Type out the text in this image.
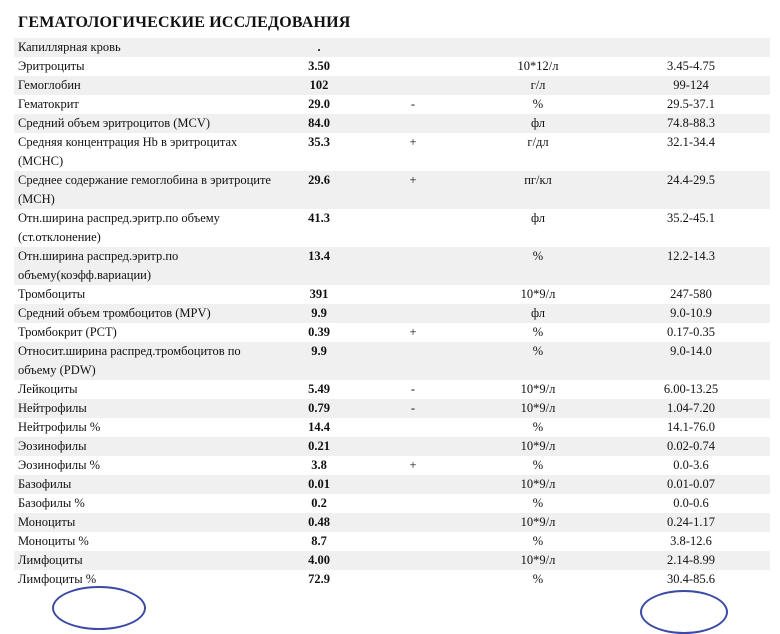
ГЕМАТОЛОГИЧЕСКИЕ ИССЛЕДОВАНИЯ
Капиллярная кровь	.			
Эритроциты	3.50		10*12/л	3.45-4.75
Гемоглобин	102		г/л	99-124
Гематокрит	29.0	-	%	29.5-37.1
Средний объем эритроцитов (MCV)	84.0		фл	74.8-88.3
Средняя концентрация Hb в эритроцитах (MCHC)	35.3	+	г/дл	32.1-34.4
Среднее содержание гемоглобина в эритроците (MCH)	29.6	+	пг/кл	24.4-29.5
Отн.ширина распред.эритр.по объему (ст.отклонение)	41.3		фл	35.2-45.1
Отн.ширина распред.эритр.по объему(коэфф.вариации)	13.4		%	12.2-14.3
Тромбоциты	391		10*9/л	247-580
Средний объем тромбоцитов (MPV)	9.9		фл	9.0-10.9
Тромбокрит (PCT)	0.39	+	%	0.17-0.35
Относит.ширина распред.тромбоцитов по объему (PDW)	9.9		%	9.0-14.0
Лейкоциты	5.49	-	10*9/л	6.00-13.25
Нейтрофилы	0.79	-	10*9/л	1.04-7.20
Нейтрофилы %	14.4		%	14.1-76.0
Эозинофилы	0.21		10*9/л	0.02-0.74
Эозинофилы %	3.8	+	%	0.0-3.6
Базофилы	0.01		10*9/л	0.01-0.07
Базофилы %	0.2		%	0.0-0.6
Моноциты	0.48		10*9/л	0.24-1.17
Моноциты %	8.7		%	3.8-12.6
Лимфоциты	4.00		10*9/л	2.14-8.99
Лимфоциты %	72.9		%	30.4-85.6
